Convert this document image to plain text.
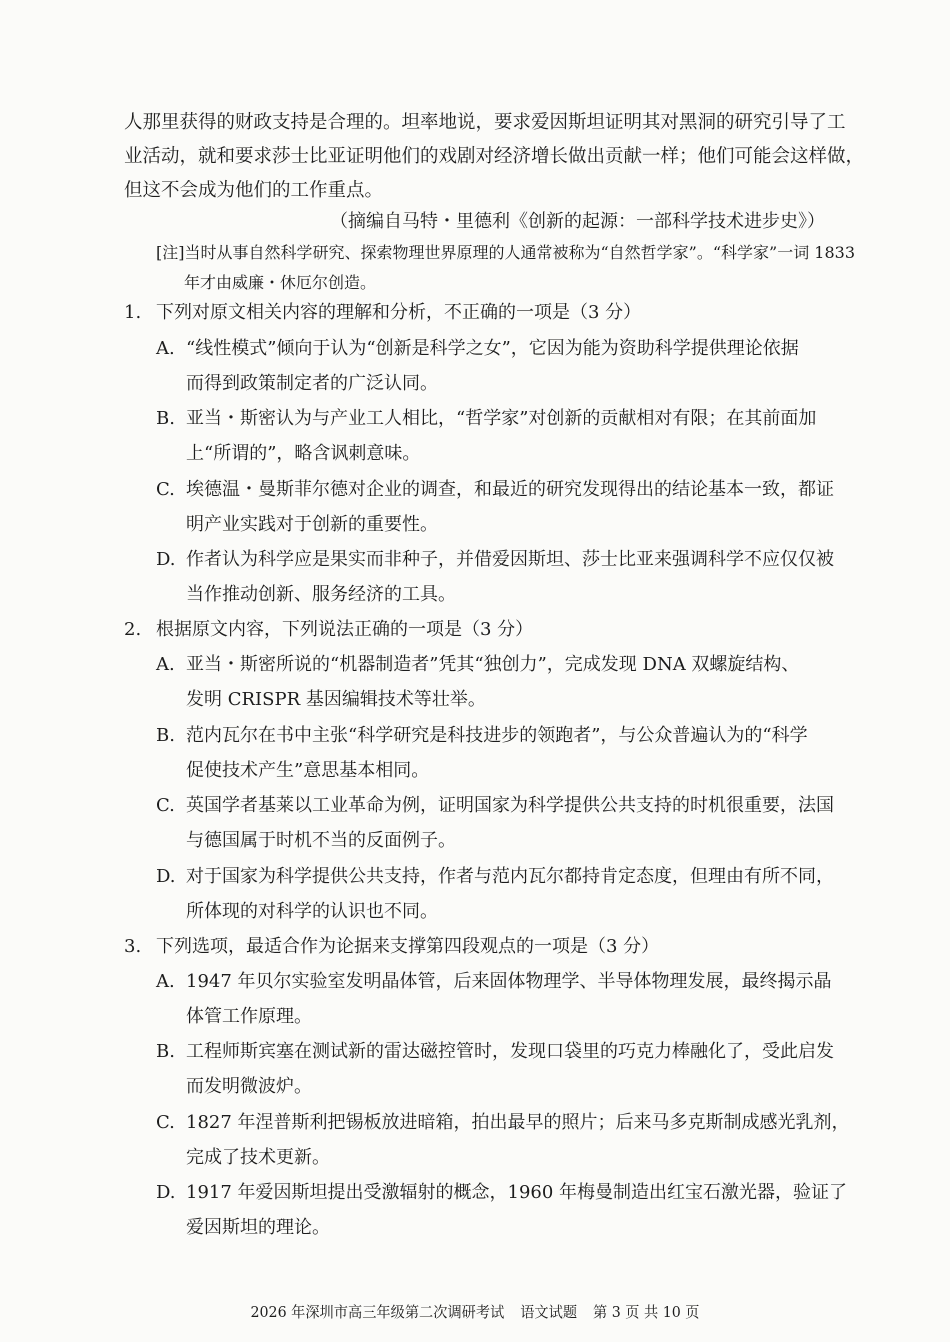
人那里获得的财政支持是合理的。坦率地说，要求爱因斯坦证明其对黑洞的研究引导了工
业活动，就和要求莎士比亚证明他们的戏剧对经济增长做出贡献一样；他们可能会这样做，
但这不会成为他们的工作重点。
（摘编自马特・里德利《创新的起源：一部科学技术进步史》）
[注]当时从事自然科学研究、探索物理世界原理的人通常被称为“自然哲学家”。“科学家”一词 1833
年才由威廉・休厄尔创造。
1. 下列对原文相关内容的理解和分析，不正确的一项是（3 分）
A. “线性模式”倾向于认为“创新是科学之女”，它因为能为资助科学提供理论依据
而得到政策制定者的广泛认同。
B. 亚当・斯密认为与产业工人相比，“哲学家”对创新的贡献相对有限；在其前面加
上“所谓的”，略含讽刺意味。
C. 埃德温・曼斯菲尔德对企业的调查，和最近的研究发现得出的结论基本一致，都证
明产业实践对于创新的重要性。
D. 作者认为科学应是果实而非种子，并借爱因斯坦、莎士比亚来强调科学不应仅仅被
当作推动创新、服务经济的工具。
2. 根据原文内容，下列说法正确的一项是（3 分）
A. 亚当・斯密所说的“机器制造者”凭其“独创力”，完成发现 DNA 双螺旋结构、
发明 CRISPR 基因编辑技术等壮举。
B. 范内瓦尔在书中主张“科学研究是科技进步的领跑者”，与公众普遍认为的“科学
促使技术产生”意思基本相同。
C. 英国学者基莱以工业革命为例，证明国家为科学提供公共支持的时机很重要，法国
与德国属于时机不当的反面例子。
D. 对于国家为科学提供公共支持，作者与范内瓦尔都持肯定态度，但理由有所不同，
所体现的对科学的认识也不同。
3. 下列选项，最适合作为论据来支撑第四段观点的一项是（3 分）
A. 1947 年贝尔实验室发明晶体管，后来固体物理学、半导体物理发展，最终揭示晶
体管工作原理。
B. 工程师斯宾塞在测试新的雷达磁控管时，发现口袋里的巧克力棒融化了，受此启发
而发明微波炉。
C. 1827 年涅普斯利把锡板放进暗箱，拍出最早的照片；后来马多克斯制成感光乳剂，
完成了技术更新。
D. 1917 年爱因斯坦提出受激辐射的概念，1960 年梅曼制造出红宝石激光器，验证了
爱因斯坦的理论。
2026 年深圳市高三年级第二次调研考试 语文试题 第 3 页 共 10 页
